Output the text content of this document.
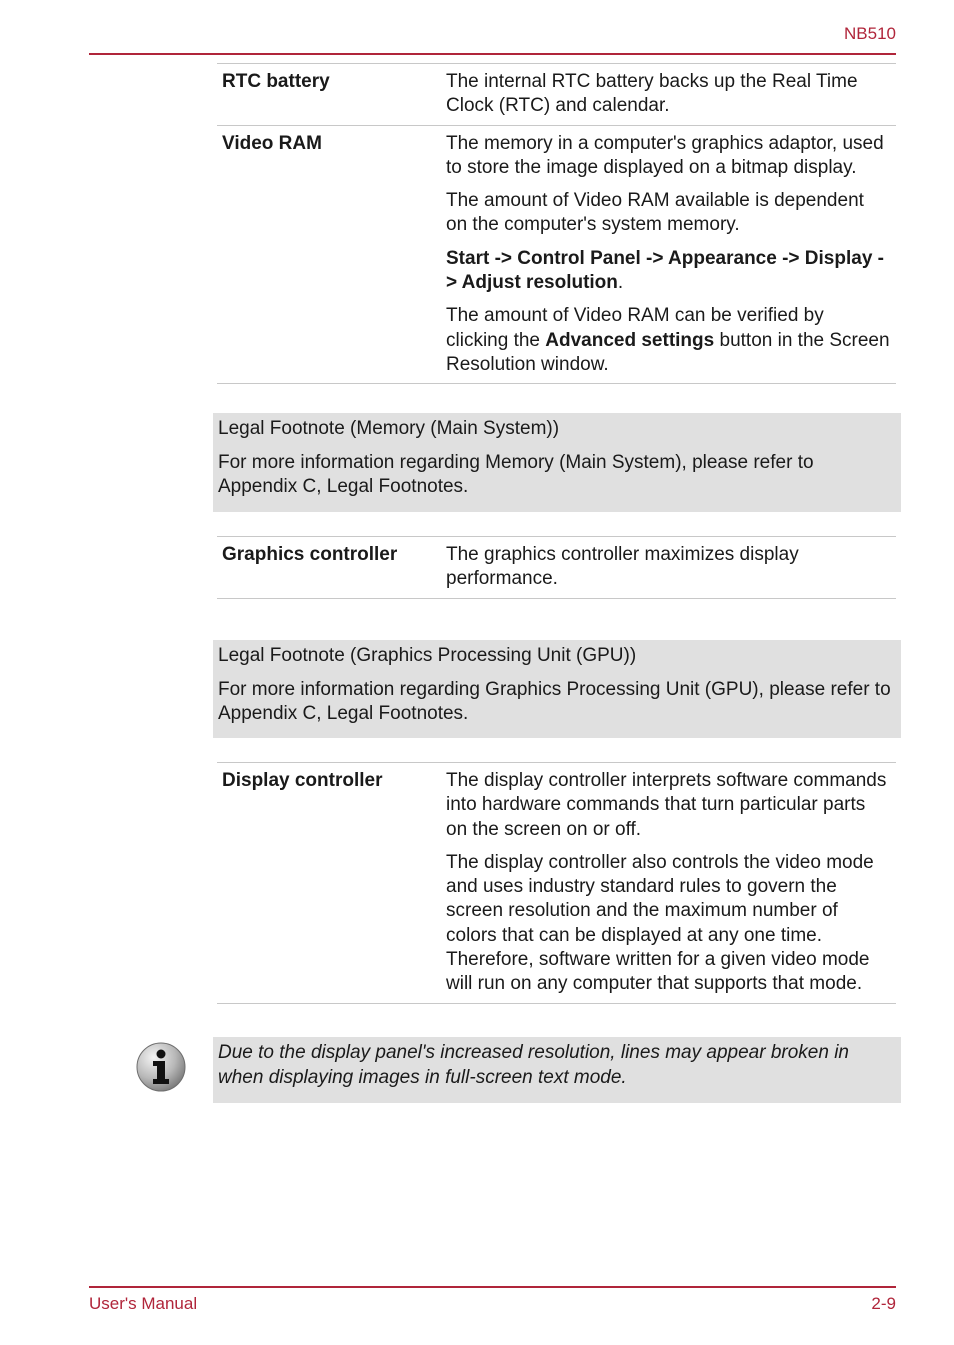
NB510
RTC battery	The internal RTC battery backs up the Real Time Clock (RTC) and calendar.

Video RAM	The memory in a computer's graphics adaptor, used to store the image displayed on a bitmap display.

The amount of Video RAM available is dependent on the computer's system memory.

Start -> Control Panel -> Appearance -> Display -> Adjust resolution.

The amount of Video RAM can be verified by clicking the Advanced settings button in the Screen Resolution window.

Legal Footnote (Memory (Main System))

For more information regarding Memory (Main System), please refer to Appendix C, Legal Footnotes.

Graphics controller	The graphics controller maximizes display performance.

Legal Footnote (Graphics Processing Unit (GPU))

For more information regarding Graphics Processing Unit (GPU), please refer to Appendix C, Legal Footnotes.

Display controller	The display controller interprets software commands into hardware commands that turn particular parts on the screen on or off.

The display controller also controls the video mode and uses industry standard rules to govern the screen resolution and the maximum number of colors that can be displayed at any one time. Therefore, software written for a given video mode will run on any computer that supports that mode.

Due to the display panel's increased resolution, lines may appear broken in when displaying images in full-screen text mode.

User's Manual	2-9
